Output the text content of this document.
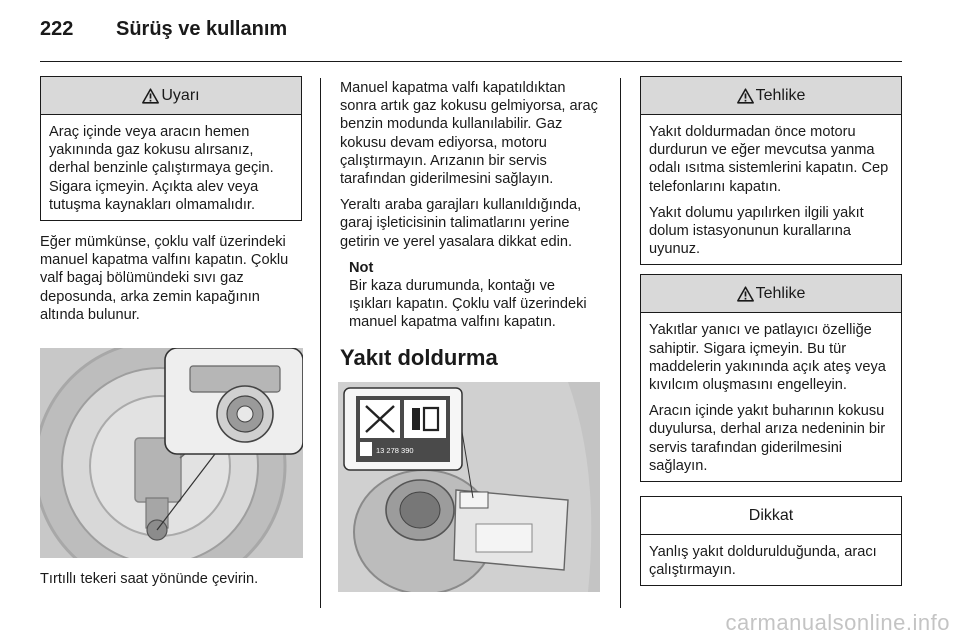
222 Sürüş ve kullanım
Uyarı

Araç içinde veya aracın hemen yakınında gaz kokusu alırsanız, derhal benzinle çalıştırmaya geçin. Sigara içmeyin. Açıkta alev veya tutuşma kaynakları olmamalıdır.

Eğer mümkünse, çoklu valf üzerindeki manuel kapatma valfını kapatın. Çoklu valf bagaj bölümündeki sıvı gaz deposunda, arka zemin kapağının altında bulunur.

Tırtıllı tekeri saat yönünde çevirin.

Manuel kapatma valfı kapatıldıktan sonra artık gaz kokusu gelmiyorsa, araç benzin modunda kullanılabilir. Gaz kokusu devam ediyorsa, motoru çalıştırmayın. Arızanın bir servis tarafından giderilmesini sağlayın.

Yeraltı araba garajları kullanıldığında, garaj işleticisinin talimatlarını yerine getirin ve yerel yasalara dikkat edin.

Not

Bir kaza durumunda, kontağı ve ışıkları kapatın. Çoklu valf üzerindeki manuel kapatma valfını kapatın.

Yakıt doldurma
13 278 390
Tehlike

Yakıt doldurmadan önce motoru durdurun ve eğer mevcutsa yanma odalı ısıtma sistemlerini kapatın. Cep telefonlarını kapatın.

Yakıt dolumu yapılırken ilgili yakıt dolum istasyonunun kurallarına uyunuz.

Tehlike

Yakıtlar yanıcı ve patlayıcı özelliğe sahiptir. Sigara içmeyin. Bu tür maddelerin yakınında açık ateş veya kıvılcım oluşmasını engelleyin.

Aracın içinde yakıt buharının kokusu duyulursa, derhal arıza nedeninin bir servis tarafından giderilmesini sağlayın.

Dikkat

Yanlış yakıt doldurulduğunda, aracı çalıştırmayın.

carmanualsonline.info
